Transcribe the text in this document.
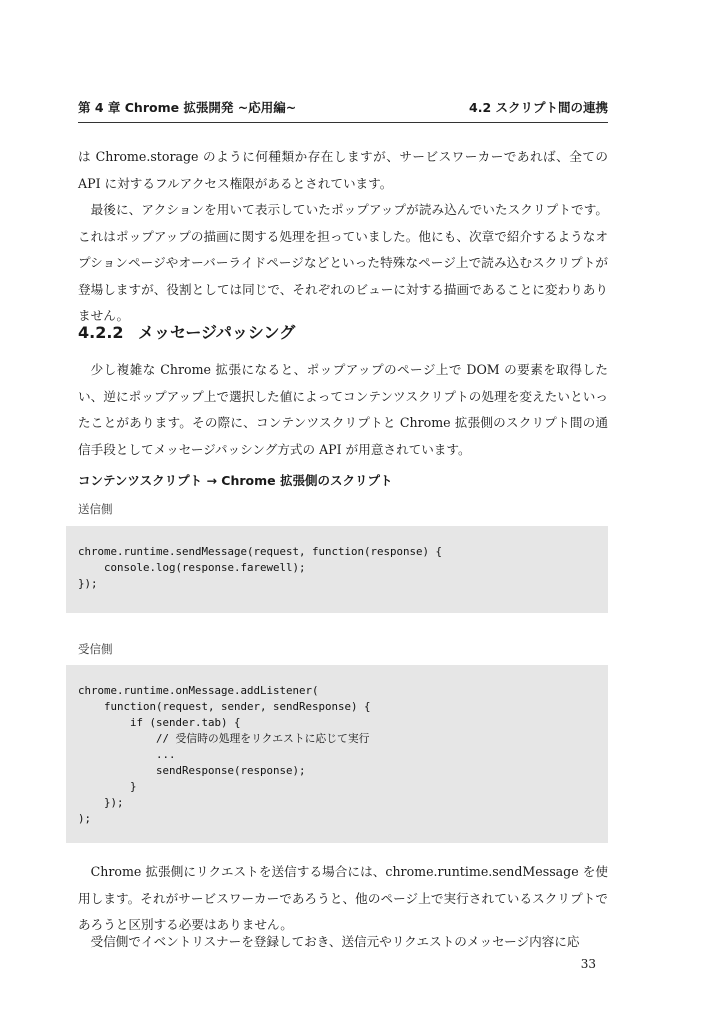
第 4 章 Chrome 拡張開発 ~応用編~	4.2 スクリプト間の連携

は Chrome.storage のように何種類か存在しますが、サービスワーカーであれば、全ての API に対するフルアクセス権限があるとされています。

最後に、アクションを用いて表示していたポップアップが読み込んでいたスクリプトです。これはポップアップの描画に関する処理を担っていました。他にも、次章で紹介するようなオプションページやオーバーライドページなどといった特殊なページ上で読み込むスクリプトが登場しますが、役割としては同じで、それぞれのビューに対する描画であることに変わりありません。

4.2.2 メッセージパッシング

少し複雑な Chrome 拡張になると、ポップアップのページ上で DOM の要素を取得したい、逆にポップアップ上で選択した値によってコンテンツスクリプトの処理を変えたいといったことがあります。その際に、コンテンツスクリプトと Chrome 拡張側のスクリプト間の通信手段としてメッセージパッシング方式の API が用意されています。

コンテンツスクリプト → Chrome 拡張側のスクリプト

送信側

chrome.runtime.sendMessage(request, function(response) {
console.log(response.farewell);
});

受信側

chrome.runtime.onMessage.addListener(
function(request, sender, sendResponse) {
if (sender.tab) {
// 受信時の処理をリクエストに応じて実行
...
sendResponse(response);
}
});
);

Chrome 拡張側にリクエストを送信する場合には、chrome.runtime.sendMessage を使用します。それがサービスワーカーであろうと、他のページ上で実行されているスクリプトであろうと区別する必要はありません。

受信側でイベントリスナーを登録しておき、送信元やリクエストのメッセージ内容に応

33
